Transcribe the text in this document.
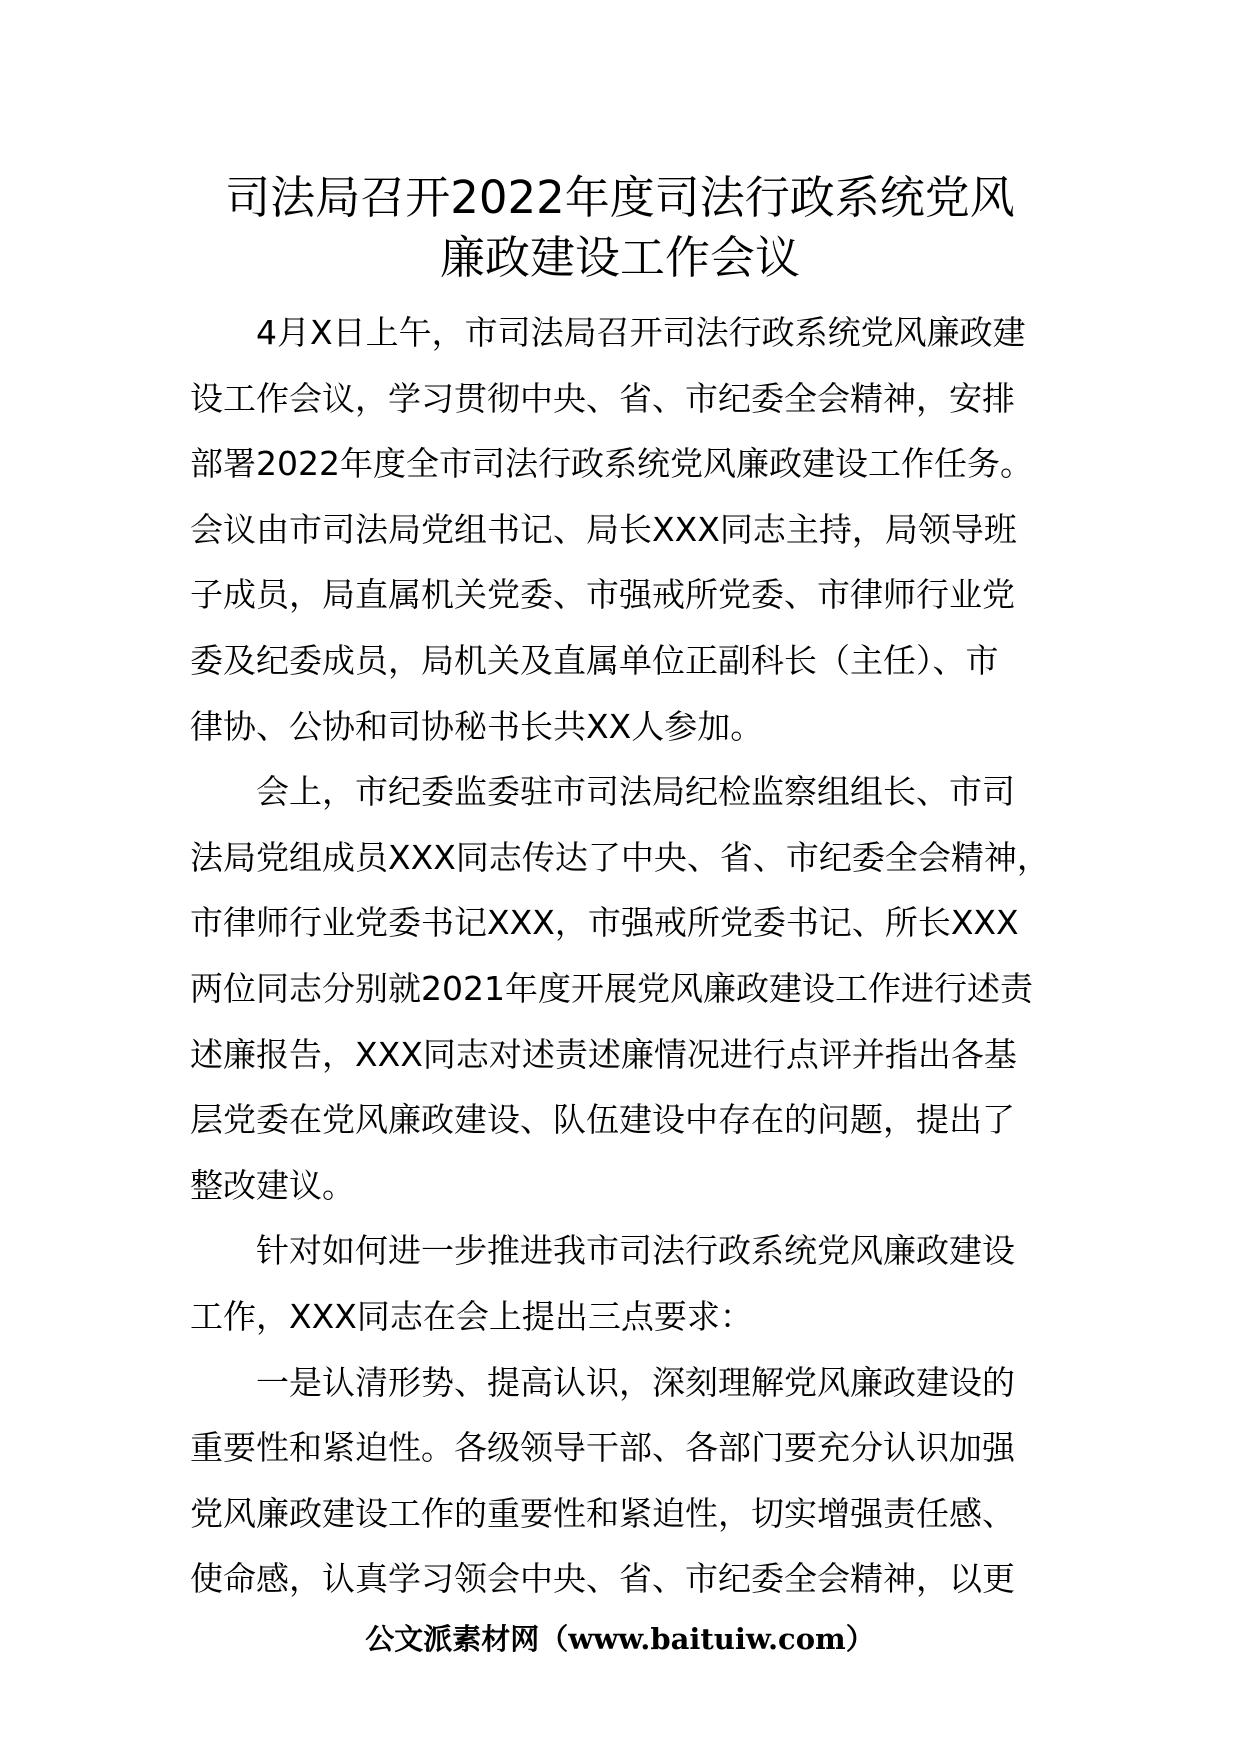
司法局召开2022年度司法行政系统党风
廉政建设工作会议
4月X日上午，市司法局召开司法行政系统党风廉政建
设工作会议，学习贯彻中央、省、市纪委全会精神，安排
部署2022年度全市司法行政系统党风廉政建设工作任务。
会议由市司法局党组书记、局长XXX同志主持，局领导班
子成员，局直属机关党委、市强戒所党委、市律师行业党
委及纪委成员，局机关及直属单位正副科长（主任）、市
律协、公协和司协秘书长共XX人参加。
会上，市纪委监委驻市司法局纪检监察组组长、市司
法局党组成员XXX同志传达了中央、省、市纪委全会精神，
市律师行业党委书记XXX，市强戒所党委书记、所长XXX
两位同志分别就2021年度开展党风廉政建设工作进行述责
述廉报告，XXX同志对述责述廉情况进行点评并指出各基
层党委在党风廉政建设、队伍建设中存在的问题，提出了
整改建议。
针对如何进一步推进我市司法行政系统党风廉政建设
工作，XXX同志在会上提出三点要求：
一是认清形势、提高认识，深刻理解党风廉政建设的
重要性和紧迫性。各级领导干部、各部门要充分认识加强
党风廉政建设工作的重要性和紧迫性，切实增强责任感、
使命感，认真学习领会中央、省、市纪委全会精神，以更
公文派素材网（www.baituiw.com）
